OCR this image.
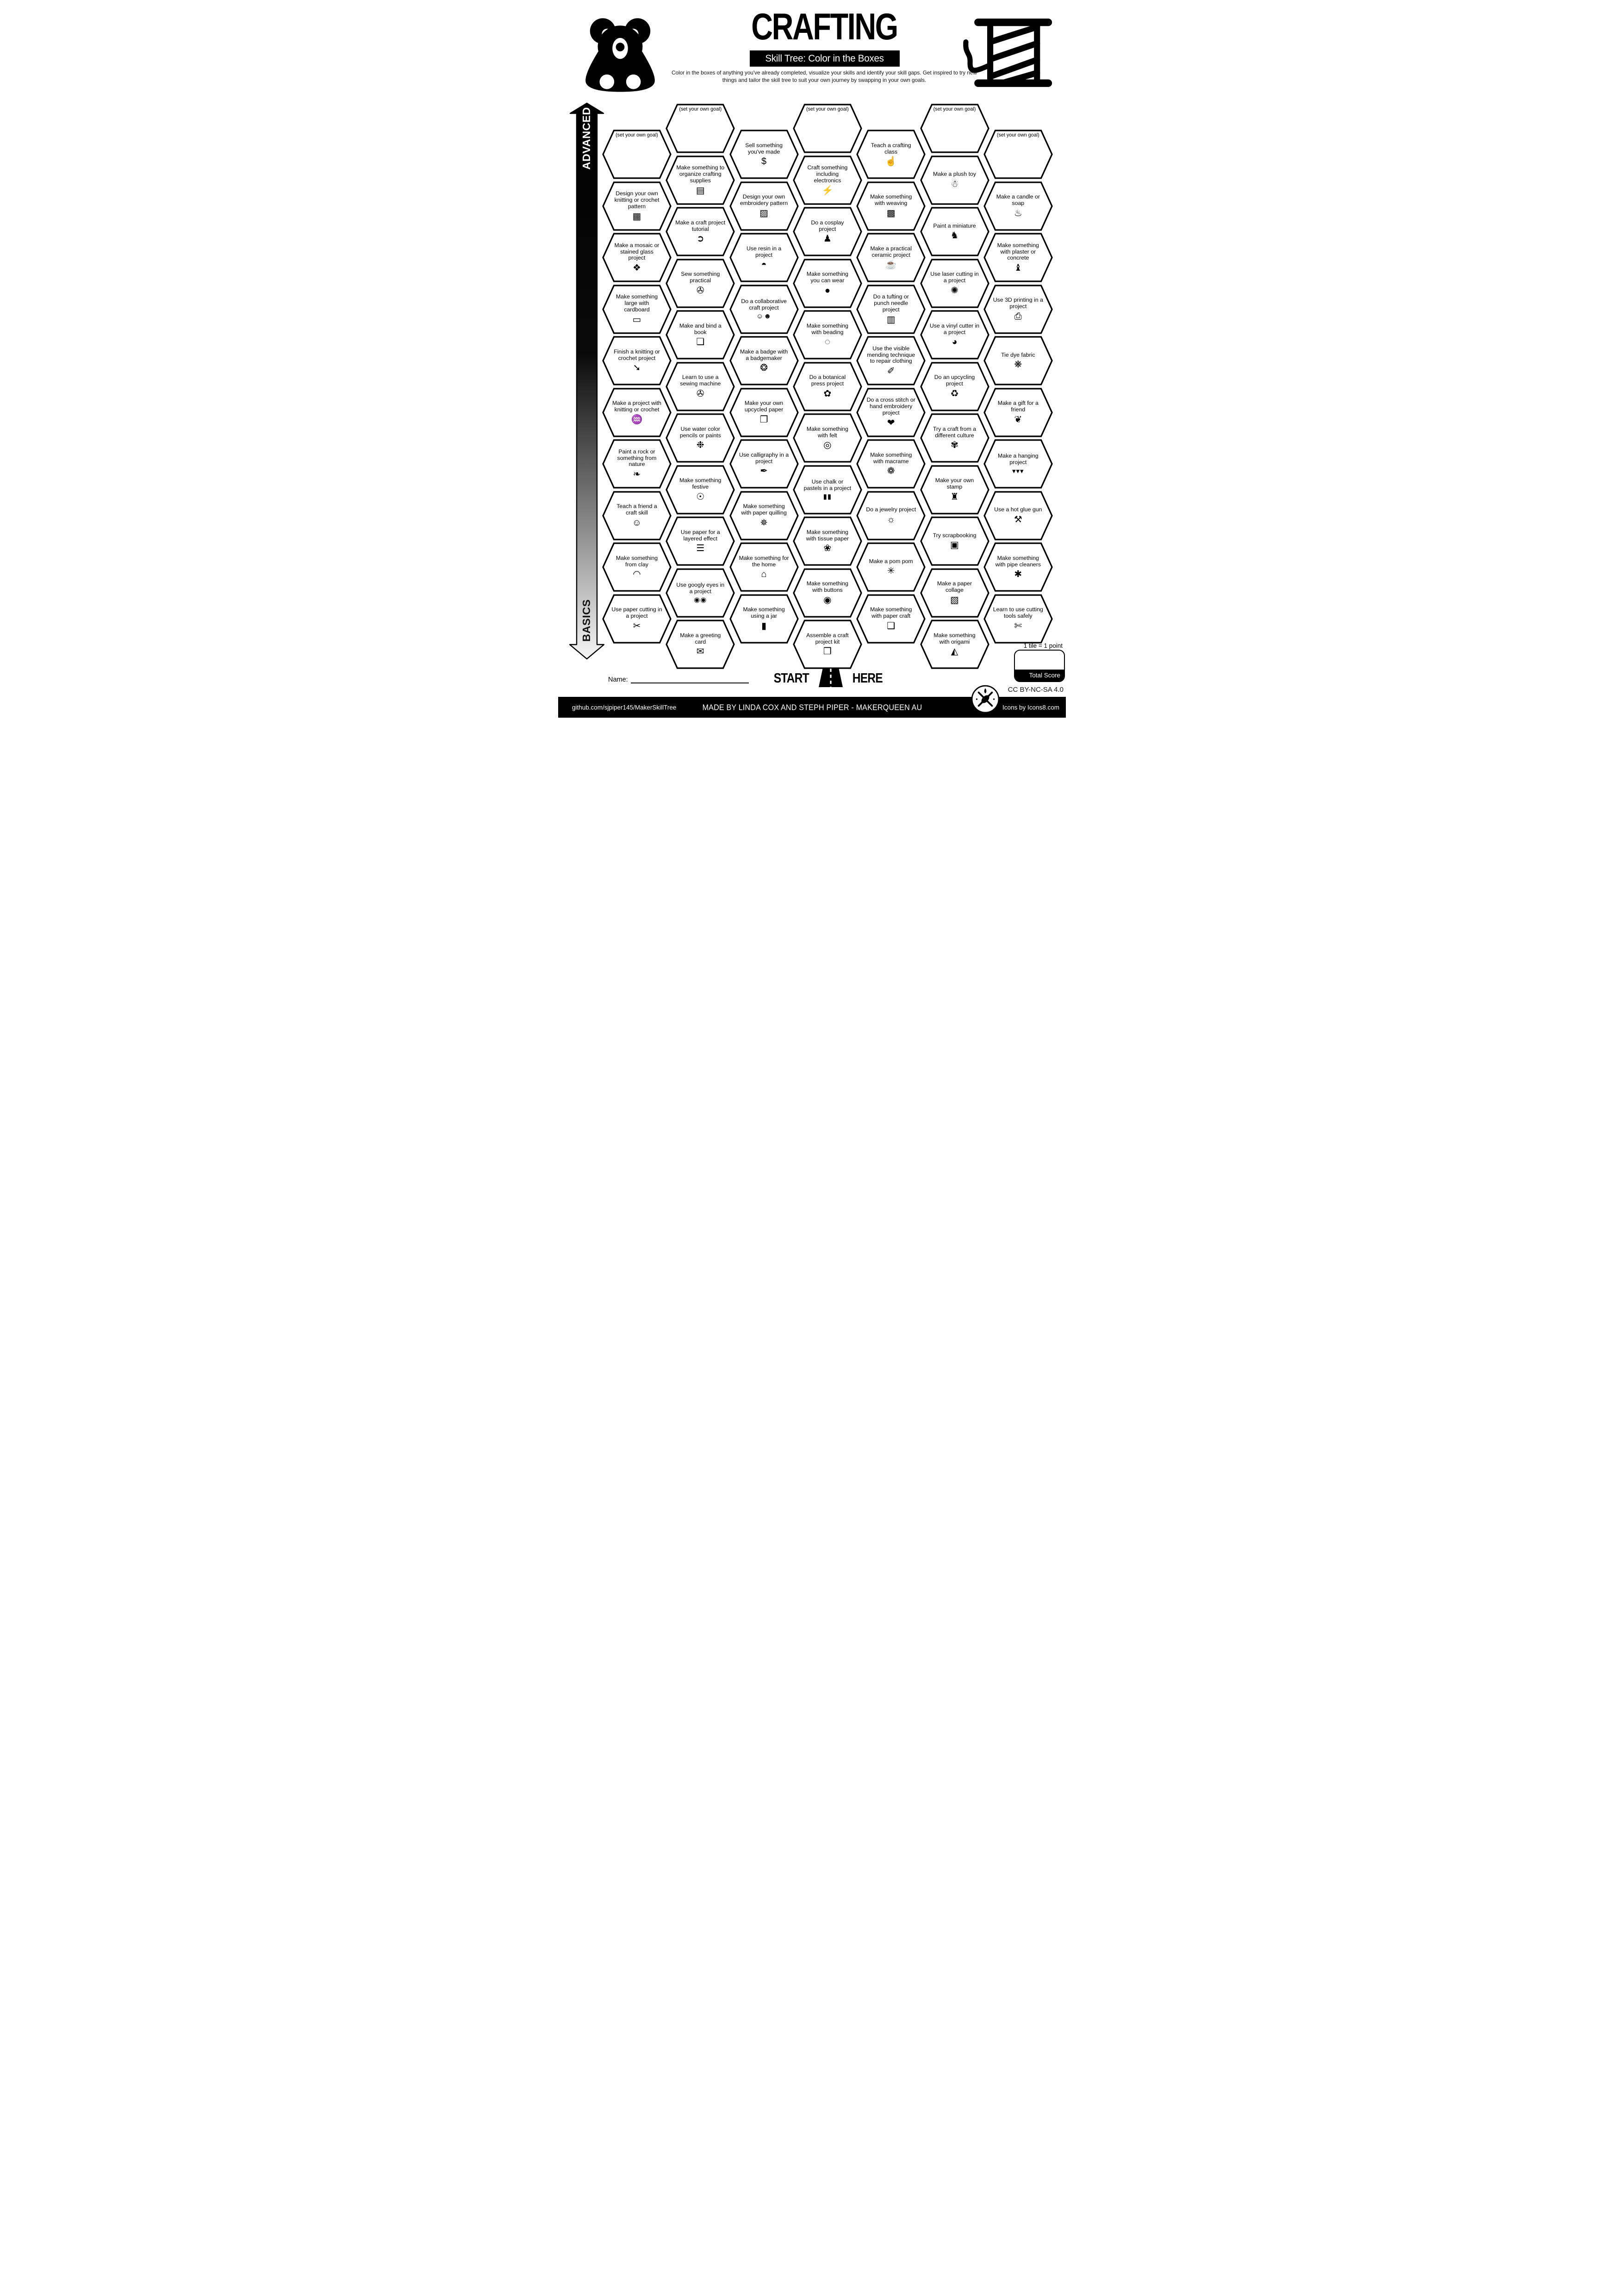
CRAFTING
Skill Tree: Color in the Boxes
Color in the boxes of anything you've already completed, visualize your skills and identify your skill gaps. Get inspired to try new things and tailor the skill tree to suit your own journey by swapping in your own goals.
ADVANCED
BASICS
(set your own goal)
Design your own knitting or crochet pattern
▦
Make a mosaic or stained glass project
❖
Make something large with cardboard
▭
Finish a knitting or crochet project
➘
Make a project with knitting or crochet
♒
Paint a rock or something from nature
❧
Teach a friend a craft skill
☺
Make something from clay
◠
Use paper cutting in a project
✂
(set your own goal)
Make something to organize crafting supplies
▤
Make a craft project tutorial
➲
Sew something practical
✇
Make and bind a book
❏
Learn to use a sewing machine
✇
Use water color pencils or paints
❉
Make something festive
☉
Use paper for a layered effect
☰
Use googly eyes in a project
◉◉
Make a greeting card
✉
Sell something you've made
$
Design your own embroidery pattern
▨
Use resin in a project
◓
Do a collaborative craft project
☺☻
Make a badge with a badgemaker
❂
Make your own upcycled paper
❐
Use calligraphy in a project
✒
Make something with paper quilling
✵
Make something for the home
⌂
Make something using a jar
▮
(set your own goal)
Craft something including electronics
⚡
Do a cosplay project
♟
Make something you can wear
●
Make something with beading
◌
Do a botanical press project
✿
Make something with felt
◎
Use chalk or pastels in a project
▮▮
Make something with tissue paper
❀
Make something with buttons
◉
Assemble a craft project kit
❒
Teach a crafting class
☝
Make something with weaving
▩
Make a practical ceramic project
☕
Do a tufting or punch needle project
▥
Use the visible mending technique to repair clothing
✐
Do a cross stitch or hand embroidery project
❤
Make something with macrame
❁
Do a jewelry project
☼
Make a pom pom
✳
Make something with paper craft
❑
(set your own goal)
Make a plush toy
☃
Paint a miniature
♞
Use laser cutting in a project
✺
Use a vinyl cutter in a project
◕
Do an upcycling project
♻
Try a craft from a different culture
✾
Make your own stamp
♜
Try scrapbooking
▣
Make a paper collage
▧
Make something with origami
◭
(set your own goal)
Make a candle or soap
♨
Make something with plaster or concrete
♝
Use 3D printing in a project
⎙
Tie dye fabric
❋
Make a gift for a friend
❦
Make a hanging project
▾▾▾
Use a hot glue gun
⚒
Make something with pipe cleaners
✱
Learn to use cutting tools safely
✄
START	HERE
Name:
1 tile = 1 point
Total Score
CC BY-NC-SA 4.0
github.com/sjpiper145/MakerSkillTree	MADE BY LINDA COX AND STEPH PIPER - MAKERQUEEN AU	Icons by Icons8.com
